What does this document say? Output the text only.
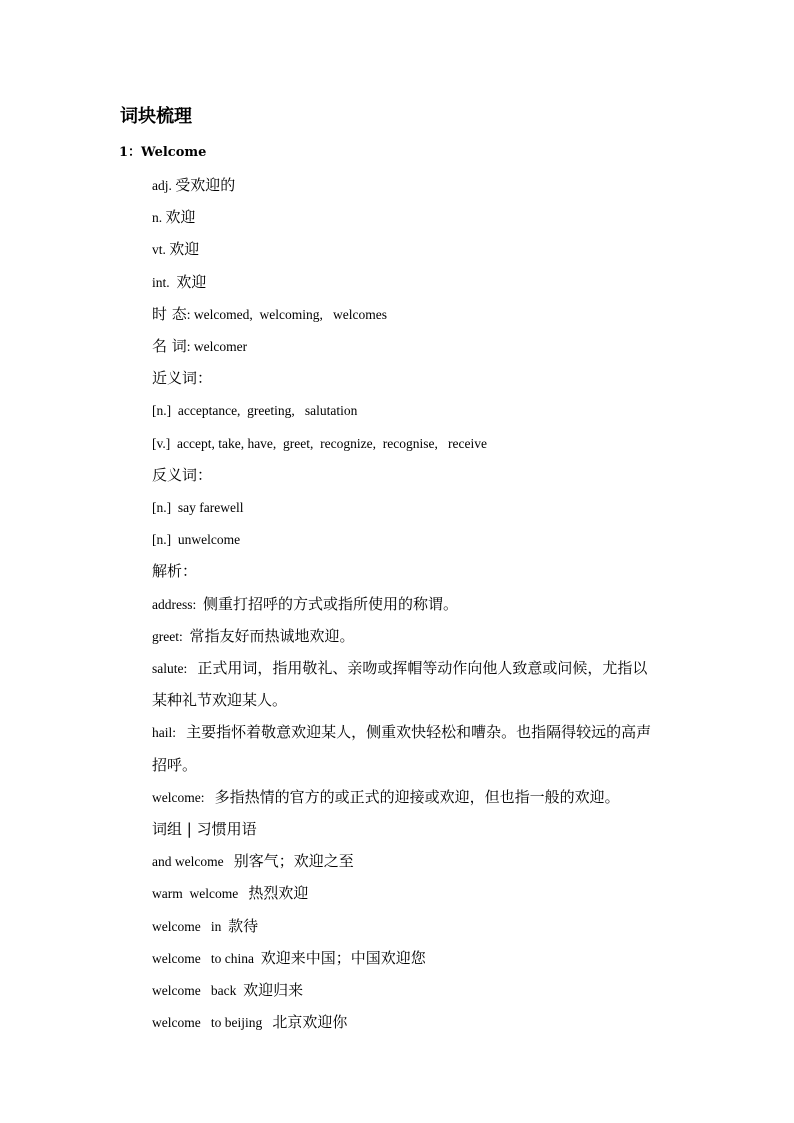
词块梳理
1：Welcome
adj. 受欢迎的
n. 欢迎
vt. 欢迎
int.  欢迎
时 态: welcomed,  welcoming,   welcomes
名 词: welcomer
近义词：
[n.]  acceptance,  greeting,   salutation
[v.]  accept, take, have,  greet,  recognize,  recognise,   receive
反义词：
[n.]  say farewell
[n.]  unwelcome
解析：
address:  侧重打招呼的方式或指所使用的称谓。
greet:  常指友好而热诚地欢迎。
salute:   正式用词，指用敬礼、亲吻或挥帽等动作向他人致意或问候，尤指以
某种礼节欢迎某人。
hail:   主要指怀着敬意欢迎某人，侧重欢快轻松和嘈杂。也指隔得较远的高声
招呼。
welcome:   多指热情的官方的或正式的迎接或欢迎，但也指一般的欢迎。
词组 | 习惯用语
and welcome   别客气；欢迎之至
warm  welcome   热烈欢迎
welcome   in  款待
welcome   to china  欢迎来中国；中国欢迎您
welcome   back  欢迎归来
welcome   to beijing   北京欢迎你
